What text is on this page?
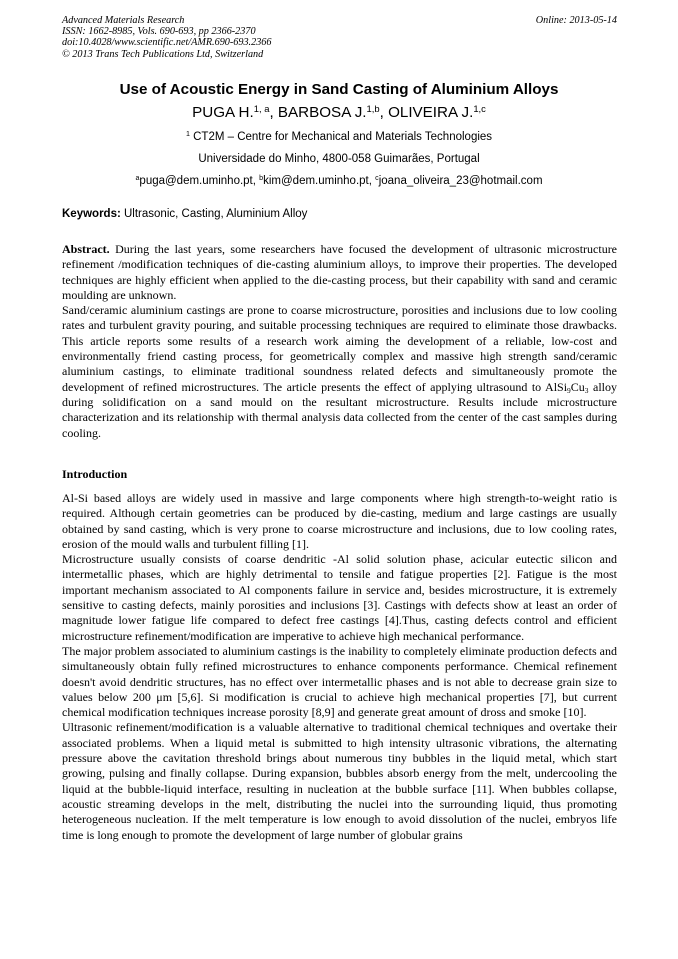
Advanced Materials Research
ISSN: 1662-8985, Vols. 690-693, pp 2366-2370
doi:10.4028/www.scientific.net/AMR.690-693.2366
© 2013 Trans Tech Publications Ltd, Switzerland
Online: 2013-05-14
Use of Acoustic Energy in Sand Casting of Aluminium Alloys
PUGA H.$^{1, a}$, BARBOSA J.$^{1,b}$, OLIVEIRA J.$^{1,c}$
$^1$ CT2M – Centre for Mechanical and Materials Technologies
Universidade do Minho, 4800-058 Guimarães, Portugal
$^a$puga@dem.uminho.pt, $^b$kim@dem.uminho.pt, $^c$joana_oliveira_23@hotmail.com
Keywords: Ultrasonic, Casting, Aluminium Alloy

Abstract. During the last years, some researchers have focused the development of ultrasonic microstructure refinement /modification techniques of die-casting aluminium alloys, to improve their properties. The developed techniques are highly efficient when applied to the die-casting process, but their capability with sand and ceramic moulding are unknown.

Sand/ceramic aluminium castings are prone to coarse microstructure, porosities and inclusions due to low cooling rates and turbulent gravity pouring, and suitable processing techniques are required to eliminate those drawbacks. This article reports some results of a research work aiming the development of a reliable, low-cost and environmentally friend casting process, for geometrically complex and massive high strength sand/ceramic aluminium castings, to eliminate traditional soundness related defects and simultaneously promote the development of refined microstructures. The article presents the effect of applying ultrasound to $AlSi_9Cu_3$ alloy during solidification on a sand mould on the resultant microstructure. Results include microstructure characterization and its relationship with thermal analysis data collected from the center of the cast samples during cooling.

Introduction

Al-Si based alloys are widely used in massive and large components where high strength-to-weight ratio is required. Although certain geometries can be produced by die-casting, medium and large castings are usually obtained by sand casting, which is very prone to coarse microstructure and inclusions, due to low cooling rates, erosion of the mould walls and turbulent filling [1].

Microstructure usually consists of coarse dendritic -Al solid solution phase, acicular eutectic silicon and intermetallic phases, which are highly detrimental to tensile and fatigue properties [2]. Fatigue is the most important mechanism associated to Al components failure in service and, besides microstructure, it is extremely sensitive to casting defects, mainly porosities and inclusions [3]. Castings with defects show at least an order of magnitude lower fatigue life compared to defect free castings [4].Thus, casting defects control and efficient microstructure refinement/modification are imperative to achieve high mechanical performance.

The major problem associated to aluminium castings is the inability to completely eliminate production defects and simultaneously obtain fully refined microstructures to enhance components performance. Chemical refinement doesn't avoid dendritic structures, has no effect over intermetallic phases and is not able to decrease grain size to values below 200 μm [5,6]. Si modification is crucial to achieve high mechanical properties [7], but current chemical modification techniques increase porosity [8,9] and generate great amount of dross and smoke [10].

Ultrasonic refinement/modification is a valuable alternative to traditional chemical techniques and overtake their associated problems. When a liquid metal is submitted to high intensity ultrasonic vibrations, the alternating pressure above the cavitation threshold brings about numerous tiny bubbles in the liquid metal, which start growing, pulsing and finally collapse. During expansion, bubbles absorb energy from the melt, undercooling the liquid at the bubble-liquid interface, resulting in nucleation at the bubble surface [11]. When bubbles collapse, acoustic streaming develops in the melt, distributing the nuclei into the surrounding liquid, thus promoting heterogeneous nucleation. If the melt temperature is low enough to avoid dissolution of the nuclei, embryos life time is long enough to promote the development of large number of globular grains
